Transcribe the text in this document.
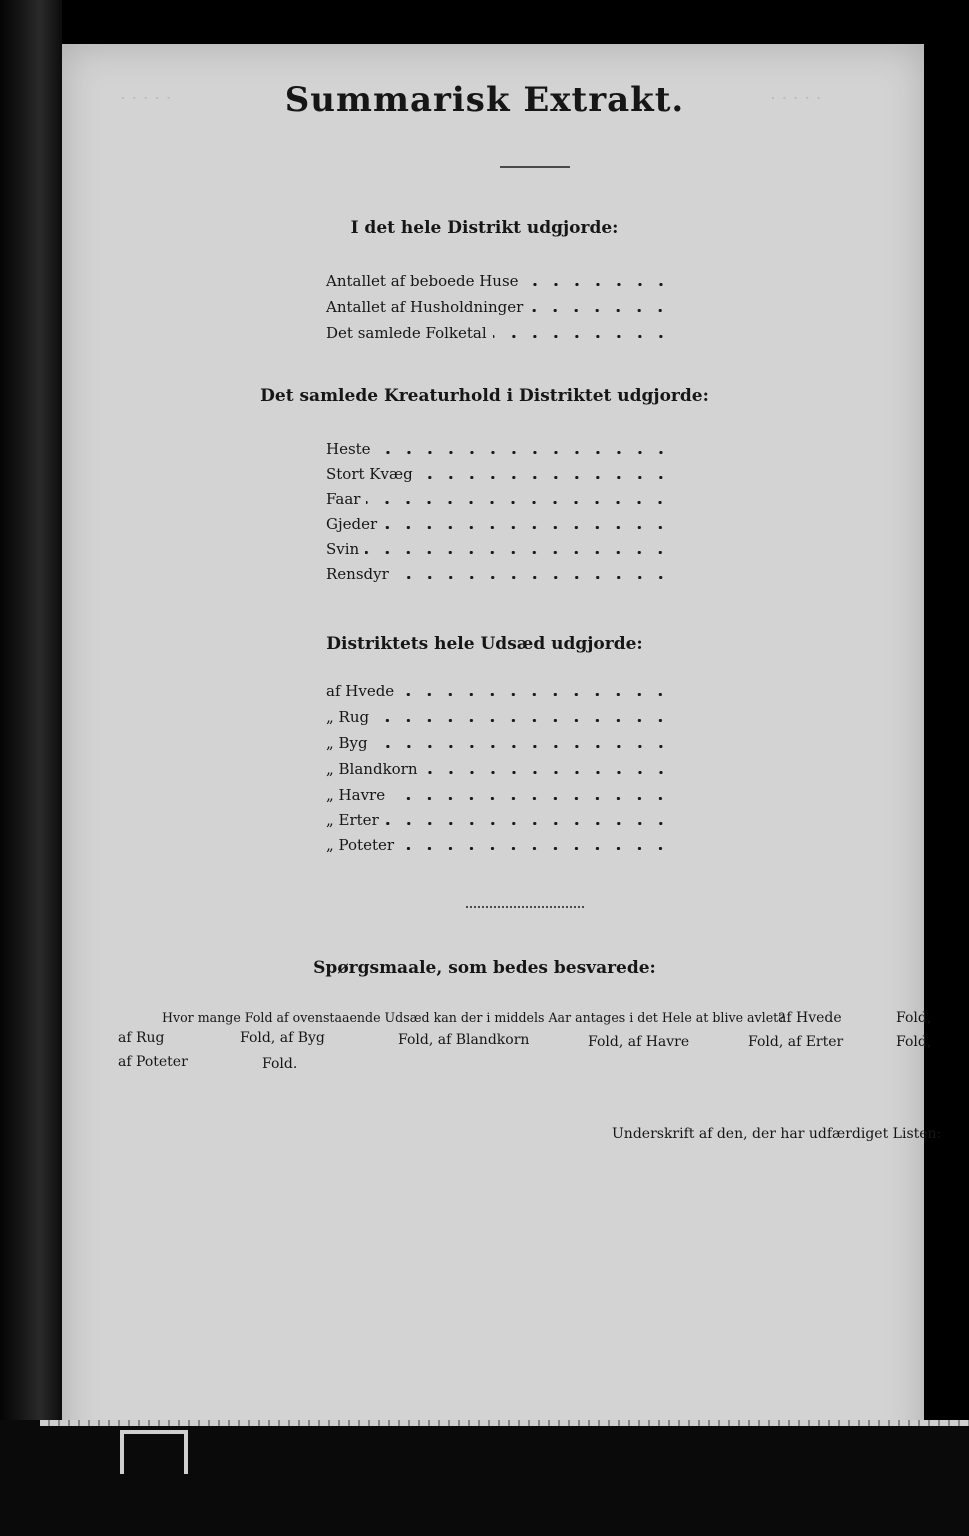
· · · · ·	· · · · ·
Summarisk Extrakt.
I det hele Distrikt udgjorde:
Antallet af beboede Huse
Antallet af Husholdninger
Det samlede Folketal
Det samlede Kreaturhold i Distriktet udgjorde:
Heste
Stort Kvæg
Faar
Gjeder
Svin
Rensdyr
Distriktets hele Udsæd udgjorde:
af Hvede
„ Rug
„ Byg
„ Blandkorn
„ Havre
„ Erter
„ Poteter
Spørgsmaale, som bedes besvarede:
Hvor mange Fold af ovenstaaende Udsæd kan der i middels Aar antages i det Hele at blive avlet?
af Hvede	Fold,
af Rug	Fold, af Byg	Fold, af Blandkorn	Fold, af Havre	Fold, af Erter	Fold,
af Poteter	Fold.
Underskrift af den, der har udfærdiget Listen:
